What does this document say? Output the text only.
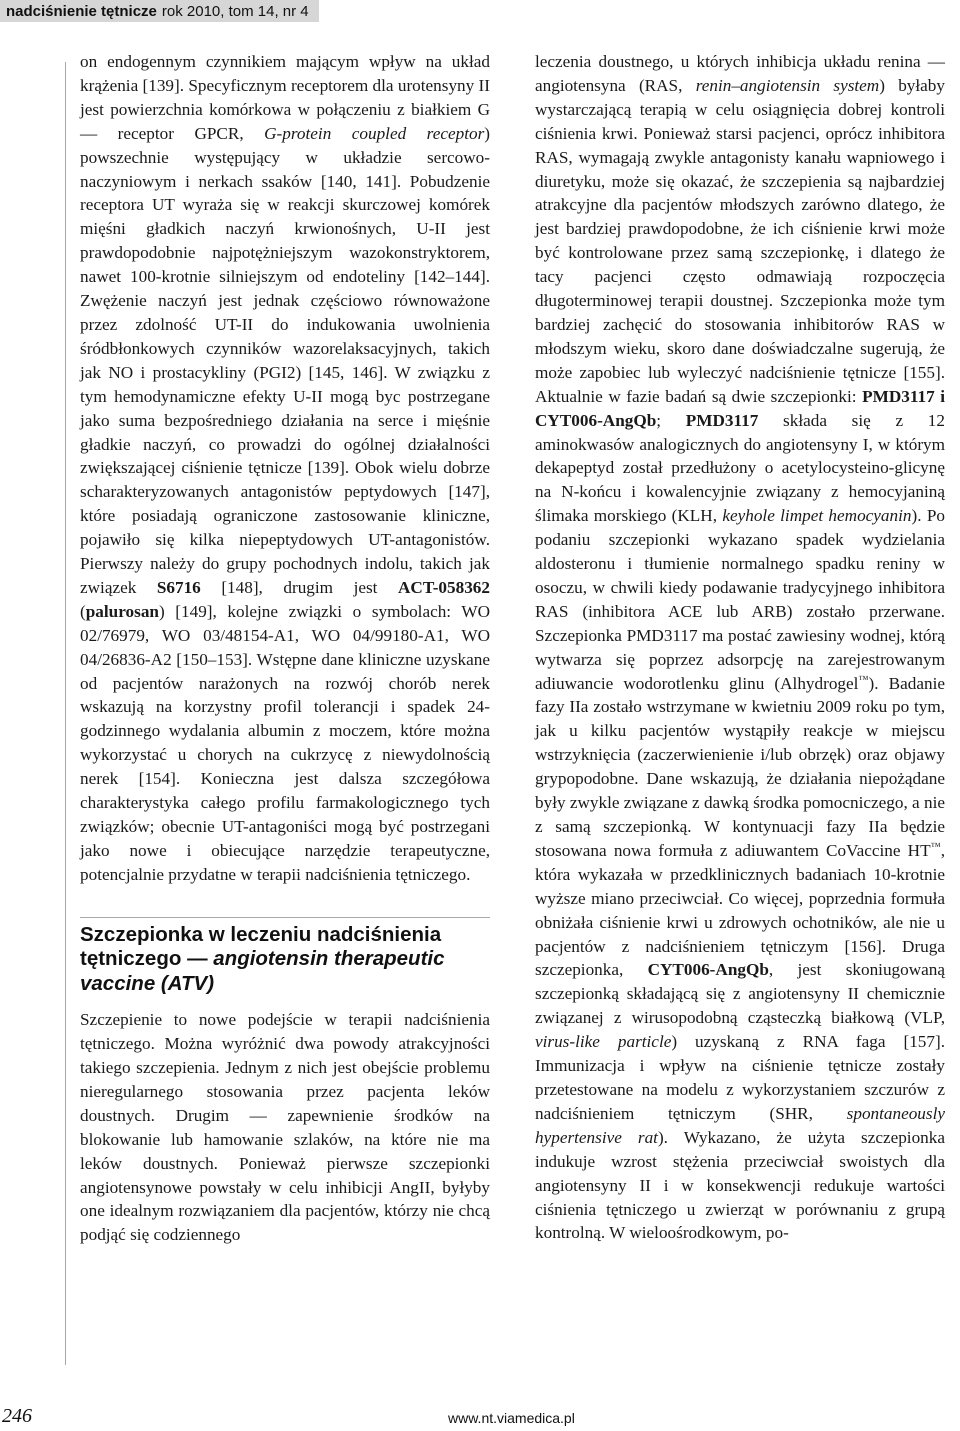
nadciśnienie tętnicze rok 2010, tom 14, nr 4

on endogennym czynnikiem mającym wpływ na układ krążenia [139]. Specyficznym receptorem dla urotensyny II jest powierzchnia komórkowa w połączeniu z białkiem G — receptor GPCR, G-protein coupled receptor) powszechnie występujący w układzie sercowo-naczyniowym i nerkach ssaków [140, 141]. Pobudzenie receptora UT wyraża się w reakcji skurczowej komórek mięśni gładkich naczyń krwionośnych, U-II jest prawdopodobnie najpotężniejszym wazokonstryktorem, nawet 100-krotnie silniejszym od endoteliny [142–144]. Zwężenie naczyń jest jednak częściowo równoważone przez zdolność UT-II do indukowania uwolnienia śródbłonkowych czynników wazorelaksacyjnych, takich jak NO i prostacykliny (PGI2) [145, 146]. W związku z tym hemodynamiczne efekty U-II mogą byc postrzegane jako suma bezpośredniego działania na serce i mięśnie gładkie naczyń, co prowadzi do ogólnej działalności zwiększającej ciśnienie tętnicze [139]. Obok wielu dobrze scharakteryzowanych antagonistów peptydowych [147], które posiadają ograniczone zastosowanie kliniczne, pojawiło się kilka niepeptydowych UT-antagonistów. Pierwszy należy do grupy pochodnych indolu, takich jak związek S6716 [148], drugim jest ACT-058362 (palurosan) [149], kolejne związki o symbolach: WO 02/76979, WO 03/48154-A1, WO 04/99180-A1, WO 04/26836-A2 [150–153]. Wstępne dane kliniczne uzyskane od pacjentów narażonych na rozwój chorób nerek wskazują na korzystny profil tolerancji i spadek 24-godzinnego wydalania albumin z moczem, które można wykorzystać u chorych na cukrzycę z niewydolnością nerek [154]. Konieczna jest dalsza szczegółowa charakterystyka całego profilu farmakologicznego tych związków; obecnie UT-antagoniści mogą być postrzegani jako nowe i obiecujące narzędzie terapeutyczne, potencjalnie przydatne w terapii nadciśnienia tętniczego.

Szczepionka w leczeniu nadciśnienia tętniczego — angiotensin therapeutic vaccine (ATV)

Szczepienie to nowe podejście w terapii nadciśnienia tętniczego. Można wyróżnić dwa powody atrakcyjności takiego szczepienia. Jednym z nich jest obejście problemu nieregularnego stosowania przez pacjenta leków doustnych. Drugim — zapewnienie środków na blokowanie lub hamowanie szlaków, na które nie ma leków doustnych. Ponieważ pierwsze szczepionki angiotensynowe powstały w celu inhibicji AngII, byłyby one idealnym rozwiązaniem dla pacjentów, którzy nie chcą podjąć się codziennego

leczenia doustnego, u których inhibicja układu renina — angiotensyna (RAS, renin–angiotensin system) byłaby wystarczającą terapią w celu osiągnięcia dobrej kontroli ciśnienia krwi. Ponieważ starsi pacjenci, oprócz inhibitora RAS, wymagają zwykle antagonisty kanału wapniowego i diuretyku, może się okazać, że szczepienia są najbardziej atrakcyjne dla pacjentów młodszych zarówno dlatego, że jest bardziej prawdopodobne, że ich ciśnienie krwi może być kontrolowane przez samą szczepionkę, i dlatego że tacy pacjenci często odmawiają rozpoczęcia długoterminowej terapii doustnej. Szczepionka może tym bardziej zachęcić do stosowania inhibitorów RAS w młodszym wieku, skoro dane doświadczalne sugerują, że może zapobiec lub wyleczyć nadciśnienie tętnicze [155]. Aktualnie w fazie badań są dwie szczepionki: PMD3117 i CYT006-AngQb; PMD3117 składa się z 12 aminokwasów analogicznych do angiotensyny I, w którym dekapeptyd został przedłużony o acetylocysteino-glicynę na N-końcu i kowalencyjnie związany z hemocyjaniną ślimaka morskiego (KLH, keyhole limpet hemocyanin). Po podaniu szczepionki wykazano spadek wydzielania aldosteronu i tłumienie normalnego spadku reniny w osoczu, w chwili kiedy podawanie tradycyjnego inhibitora RAS (inhibitora ACE lub ARB) zostało przerwane. Szczepionka PMD3117 ma postać zawiesiny wodnej, którą wytwarza się poprzez adsorpcję na zarejestrowanym adiuwancie wodorotlenku glinu (Alhydrogel™). Badanie fazy IIa zostało wstrzymane w kwietniu 2009 roku po tym, jak u kilku pacjentów wystąpiły reakcje w miejscu wstrzyknięcia (zaczerwienienie i/lub obrzęk) oraz objawy grypopodobne. Dane wskazują, że działania niepożądane były zwykle związane z dawką środka pomocniczego, a nie z samą szczepionką. W kontynuacji fazy IIa będzie stosowana nowa formuła z adiuwantem CoVaccine HT™, która wykazała w przedklinicznych badaniach 10-krotnie wyższe miano przeciwciał. Co więcej, poprzednia formuła obniżała ciśnienie krwi u zdrowych ochotników, ale nie u pacjentów z nadciśnieniem tętniczym [156]. Druga szczepionka, CYT006-AngQb, jest skoniugowaną szczepionką składającą się z angiotensyny II chemicznie związanej z wirusopodobną cząsteczką białkową (VLP, virus-like particle) uzyskaną z RNA faga [157]. Immunizacja i wpływ na ciśnienie tętnicze zostały przetestowane na modelu z wykorzystaniem szczurów z nadciśnieniem tętniczym (SHR, spontaneously hypertensive rat). Wykazano, że użyta szczepionka indukuje wzrost stężenia przeciwciał swoistych dla angiotensyny II i w konsekwencji redukuje wartości ciśnienia tętniczego u zwierząt w porównaniu z grupą kontrolną. W wieloośrodkowym, po-

246	www.nt.viamedica.pl
